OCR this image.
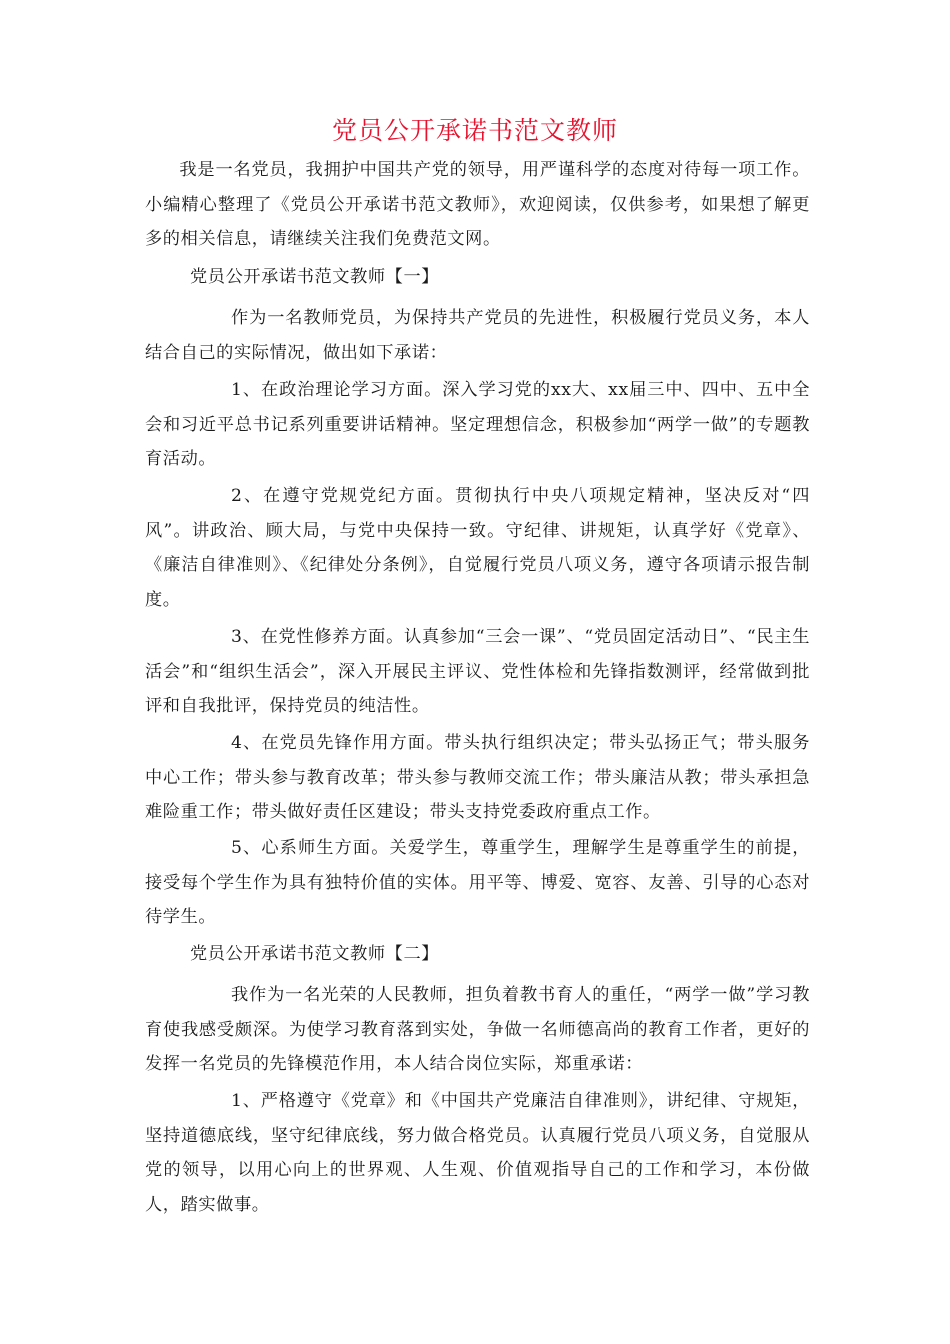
党员公开承诺书范文教师

我是一名党员，我拥护中国共产党的领导，用严谨科学的态度对待每一项工作。小编精心整理了《党员公开承诺书范文教师》，欢迎阅读，仅供参考，如果想了解更多的相关信息，请继续关注我们免费范文网。

党员公开承诺书范文教师【一】

作为一名教师党员，为保持共产党员的先进性，积极履行党员义务，本人结合自己的实际情况，做出如下承诺：

1、在政治理论学习方面。深入学习党的xx大、xx届三中、四中、五中全会和习近平总书记系列重要讲话精神。坚定理想信念，积极参加“两学一做”的专题教育活动。

2、在遵守党规党纪方面。贯彻执行中央八项规定精神，坚决反对“四风”。讲政治、顾大局，与党中央保持一致。守纪律、讲规矩，认真学好《党章》、《廉洁自律准则》、《纪律处分条例》，自觉履行党员八项义务，遵守各项请示报告制度。

3、在党性修养方面。认真参加“三会一课”、“党员固定活动日”、“民主生活会”和“组织生活会”，深入开展民主评议、党性体检和先锋指数测评，经常做到批评和自我批评，保持党员的纯洁性。

4、在党员先锋作用方面。带头执行组织决定；带头弘扬正气；带头服务中心工作；带头参与教育改革；带头参与教师交流工作；带头廉洁从教；带头承担急难险重工作；带头做好责任区建设；带头支持党委政府重点工作。

5、心系师生方面。关爱学生，尊重学生，理解学生是尊重学生的前提，接受每个学生作为具有独特价值的实体。用平等、博爱、宽容、友善、引导的心态对待学生。

党员公开承诺书范文教师【二】

我作为一名光荣的人民教师，担负着教书育人的重任，“两学一做”学习教育使我感受颇深。为使学习教育落到实处，争做一名师德高尚的教育工作者，更好的发挥一名党员的先锋模范作用，本人结合岗位实际，郑重承诺：

1、严格遵守《党章》和《中国共产党廉洁自律准则》，讲纪律、守规矩，坚持道德底线，坚守纪律底线，努力做合格党员。认真履行党员八项义务，自觉服从党的领导，以用心向上的世界观、人生观、价值观指导自己的工作和学习，本份做人，踏实做事。
